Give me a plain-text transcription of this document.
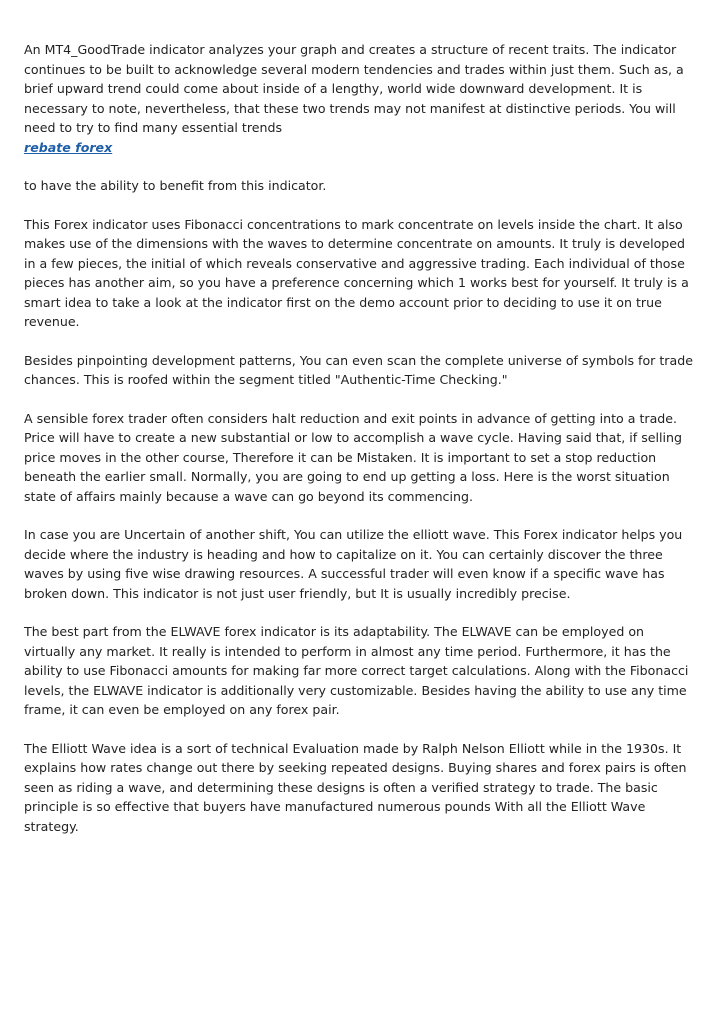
An MT4_GoodTrade indicator analyzes your graph and creates a structure of recent traits. The indicator continues to be built to acknowledge several modern tendencies and trades within just them. Such as, a brief upward trend could come about inside of a lengthy, world wide downward development. It is necessary to note, nevertheless, that these two trends may not manifest at distinctive periods. You will need to try to find many essential trends
rebate forex

to have the ability to benefit from this indicator.

This Forex indicator uses Fibonacci concentrations to mark concentrate on levels inside the chart. It also makes use of the dimensions with the waves to determine concentrate on amounts. It truly is developed in a few pieces, the initial of which reveals conservative and aggressive trading. Each individual of those pieces has another aim, so you have a preference concerning which 1 works best for yourself. It truly is a smart idea to take a look at the indicator first on the demo account prior to deciding to use it on true revenue.

Besides pinpointing development patterns, You can even scan the complete universe of symbols for trade chances. This is roofed within the segment titled "Authentic-Time Checking."

A sensible forex trader often considers halt reduction and exit points in advance of getting into a trade. Price will have to create a new substantial or low to accomplish a wave cycle. Having said that, if selling price moves in the other course, Therefore it can be Mistaken. It is important to set a stop reduction beneath the earlier small. Normally, you are going to end up getting a loss. Here is the worst situation state of affairs mainly because a wave can go beyond its commencing.

In case you are Uncertain of another shift, You can utilize the elliott wave. This Forex indicator helps you decide where the industry is heading and how to capitalize on it. You can certainly discover the three waves by using five wise drawing resources. A successful trader will even know if a specific wave has broken down. This indicator is not just user friendly, but It is usually incredibly precise.

The best part from the ELWAVE forex indicator is its adaptability. The ELWAVE can be employed on virtually any market. It really is intended to perform in almost any time period. Furthermore, it has the ability to use Fibonacci amounts for making far more correct target calculations. Along with the Fibonacci levels, the ELWAVE indicator is additionally very customizable. Besides having the ability to use any time frame, it can even be employed on any forex pair.

The Elliott Wave idea is a sort of technical Evaluation made by Ralph Nelson Elliott while in the 1930s. It explains how rates change out there by seeking repeated designs. Buying shares and forex pairs is often seen as riding a wave, and determining these designs is often a verified strategy to trade. The basic principle is so effective that buyers have manufactured numerous pounds With all the Elliott Wave strategy.
